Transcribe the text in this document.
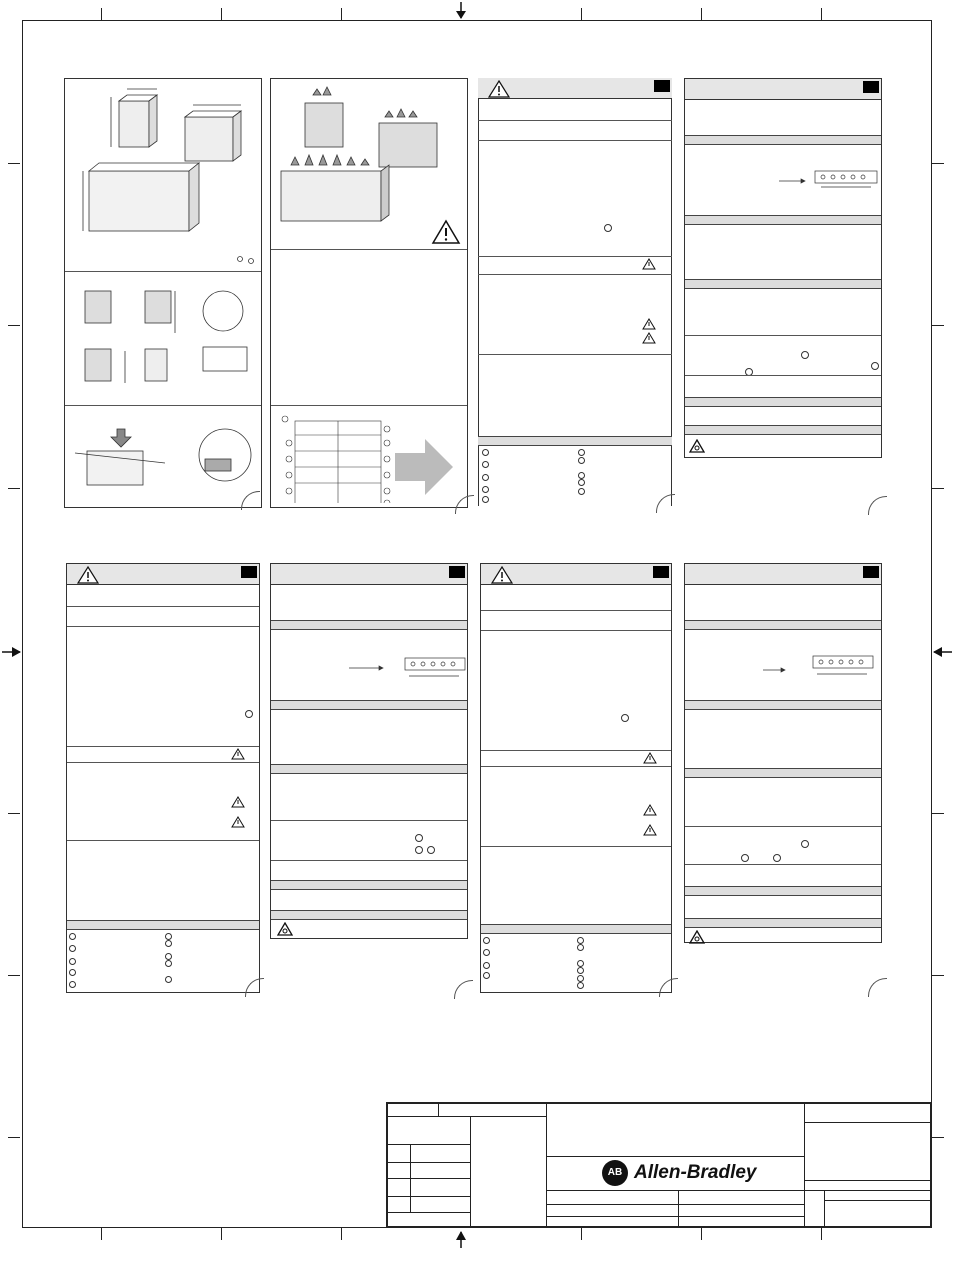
AB Allen-Bradley
